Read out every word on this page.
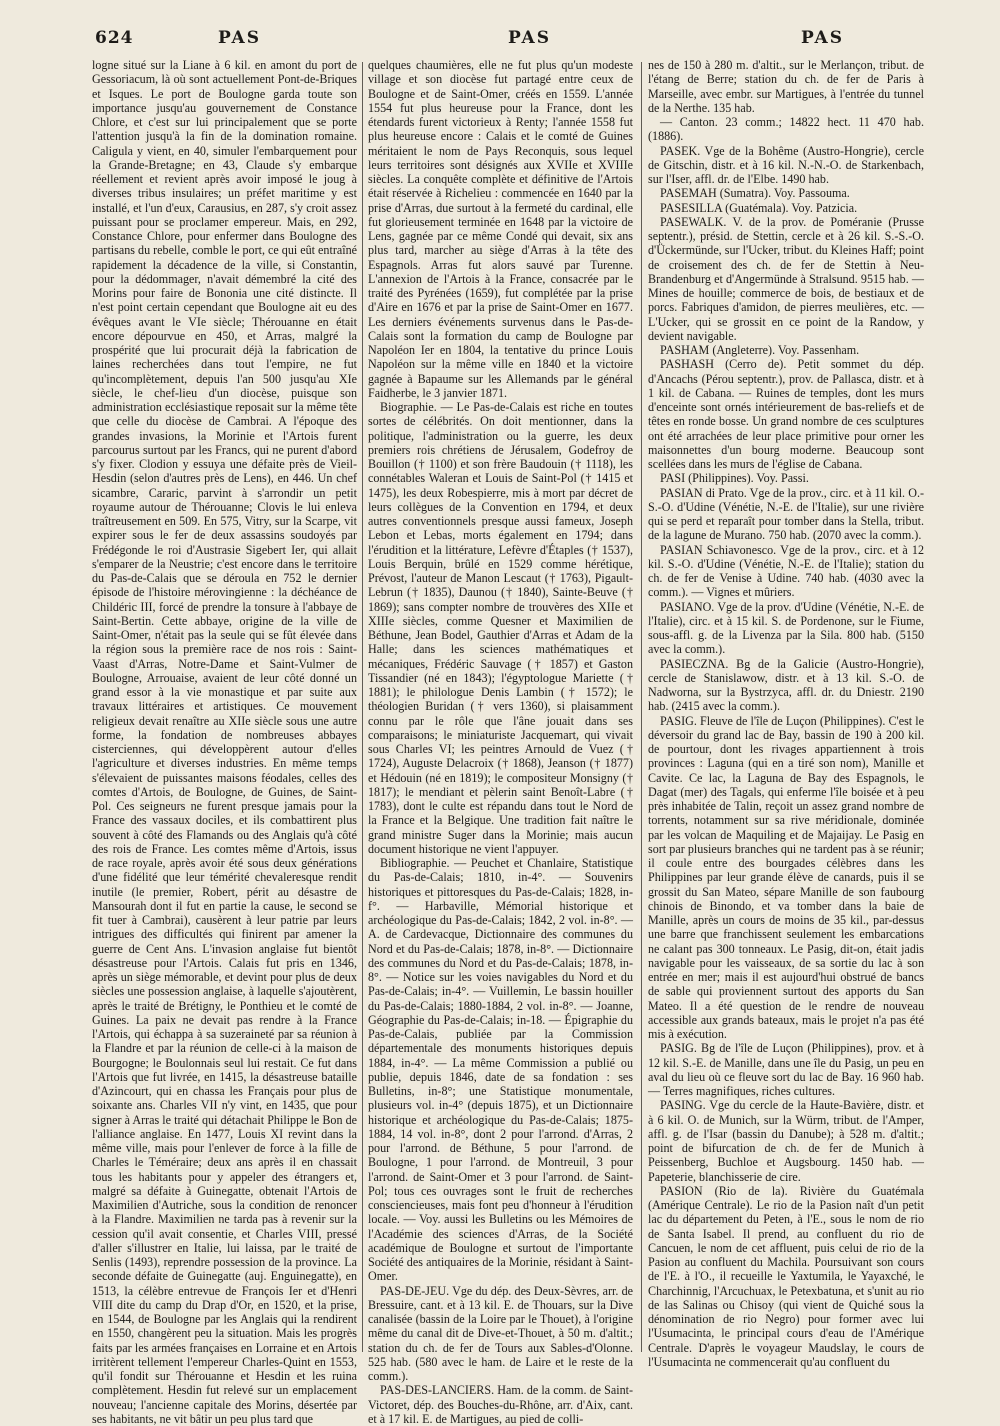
624	PAS	PAS	PAS

logne situé sur la Liane à 6 kil. en amont du port de Gessoriacum, là où sont actuellement Pont-de-Briques et Isques. Le port de Boulogne garda toute son importance jusqu'au gouvernement de Constance Chlore, et c'est sur lui principalement que se porte l'attention jusqu'à la fin de la domination romaine. Caligula y vient, en 40, simuler l'embarquement pour la Grande-Bretagne; en 43, Claude s'y embarque réellement et revient après avoir imposé le joug à diverses tribus insulaires; un préfet maritime y est installé, et l'un d'eux, Carausius, en 287, s'y croit assez puissant pour se proclamer empereur. Mais, en 292, Constance Chlore, pour enfermer dans Boulogne des partisans du rebelle, comble le port, ce qui eût entraîné rapidement la décadence de la ville, si Constantin, pour la dédommager, n'avait démembré la cité des Morins pour faire de Bononia une cité distincte. Il n'est point certain cependant que Boulogne ait eu des évêques avant le VIe siècle; Thérouanne en était encore dépourvue en 450, et Arras, malgré la prospérité que lui procurait déjà la fabrication de laines recherchées dans tout l'empire, ne fut qu'incomplètement, depuis l'an 500 jusqu'au XIe siècle, le chef-lieu d'un diocèse, puisque son administration ecclésiastique reposait sur la même tête que celle du diocèse de Cambrai. A l'époque des grandes invasions, la Morinie et l'Artois furent parcourus surtout par les Francs, qui ne purent d'abord s'y fixer. Clodion y essuya une défaite près de Vieil-Hesdin (selon d'autres près de Lens), en 446. Un chef sicambre, Cararic, parvint à s'arrondir un petit royaume autour de Thérouanne; Clovis le lui enleva traîtreusement en 509. En 575, Vitry, sur la Scarpe, vit expirer sous le fer de deux assassins soudoyés par Frédégonde le roi d'Austrasie Sigebert Ier, qui allait s'emparer de la Neustrie; c'est encore dans le territoire du Pas-de-Calais que se déroula en 752 le dernier épisode de l'histoire mérovingienne : la déchéance de Childéric III, forcé de prendre la tonsure à l'abbaye de Saint-Bertin. Cette abbaye, origine de la ville de Saint-Omer, n'était pas la seule qui se fût élevée dans la région sous la première race de nos rois : Saint-Vaast d'Arras, Notre-Dame et Saint-Vulmer de Boulogne, Arrouaise, avaient de leur côté donné un grand essor à la vie monastique et par suite aux travaux littéraires et artistiques. Ce mouvement religieux devait renaître au XIIe siècle sous une autre forme, la fondation de nombreuses abbayes cisterciennes, qui développèrent autour d'elles l'agriculture et diverses industries. En même temps s'élevaient de puissantes maisons féodales, celles des comtes d'Artois, de Boulogne, de Guines, de Saint-Pol. Ces seigneurs ne furent presque jamais pour la France des vassaux dociles, et ils combattirent plus souvent à côté des Flamands ou des Anglais qu'à côté des rois de France. Les comtes même d'Artois, issus de race royale, après avoir été sous deux générations d'une fidélité que leur témérité chevaleresque rendit inutile (le premier, Robert, périt au désastre de Mansourah dont il fut en partie la cause, le second se fit tuer à Cambrai), causèrent à leur patrie par leurs intrigues des difficultés qui finirent par amener la guerre de Cent Ans. L'invasion anglaise fut bientôt désastreuse pour l'Artois. Calais fut pris en 1346, après un siège mémorable, et devint pour plus de deux siècles une possession anglaise, à laquelle s'ajoutèrent, après le traité de Brétigny, le Ponthieu et le comté de Guines. La paix ne devait pas rendre à la France l'Artois, qui échappa à sa suzeraineté par sa réunion à la Flandre et par la réunion de celle-ci à la maison de Bourgogne; le Boulonnais seul lui restait. Ce fut dans l'Artois que fut livrée, en 1415, la désastreuse bataille d'Azincourt, qui en chassa les Français pour plus de soixante ans. Charles VII n'y vint, en 1435, que pour signer à Arras le traité qui détachait Philippe le Bon de l'alliance anglaise. En 1477, Louis XI revint dans la même ville, mais pour l'enlever de force à la fille de Charles le Téméraire; deux ans après il en chassait tous les habitants pour y appeler des étrangers et, malgré sa défaite à Guinegatte, obtenait l'Artois de Maximilien d'Autriche, sous la condition de renoncer à la Flandre. Maximilien ne tarda pas à revenir sur la cession qu'il avait consentie, et Charles VIII, pressé d'aller s'illustrer en Italie, lui laissa, par le traité de Senlis (1493), reprendre possession de la province. La seconde défaite de Guinegatte (auj. Enguinegatte), en 1513, la célèbre entrevue de François Ier et d'Henri VIII dite du camp du Drap d'Or, en 1520, et la prise, en 1544, de Boulogne par les Anglais qui la rendirent en 1550, changèrent peu la situation. Mais les progrès faits par les armées françaises en Lorraine et en Artois irritèrent tellement l'empereur Charles-Quint en 1553, qu'il fondit sur Thérouanne et Hesdin et les ruina complètement. Hesdin fut relevé sur un emplacement nouveau; l'ancienne capitale des Morins, désertée par ses habitants, ne vit bâtir un peu plus tard que

quelques chaumières, elle ne fut plus qu'un modeste village et son diocèse fut partagé entre ceux de Boulogne et de Saint-Omer, créés en 1559. L'année 1554 fut plus heureuse pour la France, dont les étendards furent victorieux à Renty; l'année 1558 fut plus heureuse encore : Calais et le comté de Guines méritaient le nom de Pays Reconquis, sous lequel leurs territoires sont désignés aux XVIIe et XVIIIe siècles. La conquête complète et définitive de l'Artois était réservée à Richelieu : commencée en 1640 par la prise d'Arras, due surtout à la fermeté du cardinal, elle fut glorieusement terminée en 1648 par la victoire de Lens, gagnée par ce même Condé qui devait, six ans plus tard, marcher au siège d'Arras à la tête des Espagnols. Arras fut alors sauvé par Turenne. L'annexion de l'Artois à la France, consacrée par le traité des Pyrénées (1659), fut complétée par la prise d'Aire en 1676 et par la prise de Saint-Omer en 1677. Les derniers événements survenus dans le Pas-de-Calais sont la formation du camp de Boulogne par Napoléon Ier en 1804, la tentative du prince Louis Napoléon sur la même ville en 1840 et la victoire gagnée à Bapaume sur les Allemands par le général Faidherbe, le 3 janvier 1871.

Biographie. — Le Pas-de-Calais est riche en toutes sortes de célébrités. On doit mentionner, dans la politique, l'administration ou la guerre, les deux premiers rois chrétiens de Jérusalem, Godefroy de Bouillon († 1100) et son frère Baudouin († 1118), les connétables Waleran et Louis de Saint-Pol († 1415 et 1475), les deux Robespierre, mis à mort par décret de leurs collègues de la Convention en 1794, et deux autres conventionnels presque aussi fameux, Joseph Lebon et Lebas, morts également en 1794; dans l'érudition et la littérature, Lefèvre d'Étaples († 1537), Louis Berquin, brûlé en 1529 comme hérétique, Prévost, l'auteur de Manon Lescaut († 1763), Pigault-Lebrun († 1835), Daunou († 1840), Sainte-Beuve († 1869); sans compter nombre de trouvères des XIIe et XIIIe siècles, comme Quesner et Maximilien de Béthune, Jean Bodel, Gauthier d'Arras et Adam de la Halle; dans les sciences mathématiques et mécaniques, Frédéric Sauvage († 1857) et Gaston Tissandier (né en 1843); l'égyptologue Mariette († 1881); le philologue Denis Lambin († 1572); le théologien Buridan († vers 1360), si plaisamment connu par le rôle que l'âne jouait dans ses comparaisons; le miniaturiste Jacquemart, qui vivait sous Charles VI; les peintres Arnould de Vuez († 1724), Auguste Delacroix († 1868), Jeanson († 1877) et Hédouin (né en 1819); le compositeur Monsigny († 1817); le mendiant et pèlerin saint Benoît-Labre († 1783), dont le culte est répandu dans tout le Nord de la France et la Belgique. Une tradition fait naître le grand ministre Suger dans la Morinie; mais aucun document historique ne vient l'appuyer.

Bibliographie. — Peuchet et Chanlaire, Statistique du Pas-de-Calais; 1810, in-4°. — Souvenirs historiques et pittoresques du Pas-de-Calais; 1828, in-f°. — Harbaville, Mémorial historique et archéologique du Pas-de-Calais; 1842, 2 vol. in-8°. — A. de Cardevacque, Dictionnaire des communes du Nord et du Pas-de-Calais; 1878, in-8°. — Dictionnaire des communes du Nord et du Pas-de-Calais; 1878, in-8°. — Notice sur les voies navigables du Nord et du Pas-de-Calais; in-4°. — Vuillemin, Le bassin houiller du Pas-de-Calais; 1880-1884, 2 vol. in-8°. — Joanne, Géographie du Pas-de-Calais; in-18. — Épigraphie du Pas-de-Calais, publiée par la Commission départementale des monuments historiques depuis 1884, in-4°. — La même Commission a publié ou publie, depuis 1846, date de sa fondation : ses Bulletins, in-8°; une Statistique monumentale, plusieurs vol. in-4° (depuis 1875), et un Dictionnaire historique et archéologique du Pas-de-Calais; 1875-1884, 14 vol. in-8°, dont 2 pour l'arrond. d'Arras, 2 pour l'arrond. de Béthune, 5 pour l'arrond. de Boulogne, 1 pour l'arrond. de Montreuil, 3 pour l'arrond. de Saint-Omer et 3 pour l'arrond. de Saint-Pol; tous ces ouvrages sont le fruit de recherches consciencieuses, mais font peu d'honneur à l'érudition locale. — Voy. aussi les Bulletins ou les Mémoires de l'Académie des sciences d'Arras, de la Société académique de Boulogne et surtout de l'importante Société des antiquaires de la Morinie, résidant à Saint-Omer.

PAS-DE-JEU. Vge du dép. des Deux-Sèvres, arr. de Bressuire, cant. et à 13 kil. E. de Thouars, sur la Dive canalisée (bassin de la Loire par le Thouet), à l'origine même du canal dit de Dive-et-Thouet, à 50 m. d'altit.; station du ch. de fer de Tours aux Sables-d'Olonne. 525 hab. (580 avec le ham. de Laire et le reste de la comm.).

PAS-DES-LANCIERS. Ham. de la comm. de Saint-Victoret, dép. des Bouches-du-Rhône, arr. d'Aix, cant. et à 17 kil. E. de Martigues, au pied de colli-

nes de 150 à 280 m. d'altit., sur le Merlançon, tribut. de l'étang de Berre; station du ch. de fer de Paris à Marseille, avec embr. sur Martigues, à l'entrée du tunnel de la Nerthe. 135 hab.

— Canton. 23 comm.; 14822 hect. 11 470 hab. (1886).

PASEK. Vge de la Bohême (Austro-Hongrie), cercle de Gitschin, distr. et à 16 kil. N.-N.-O. de Starkenbach, sur l'Iser, affl. dr. de l'Elbe. 1490 hab.

PASEMAH (Sumatra). Voy. Passoumа.

PASESILLA (Guatémala). Voy. Patzicia.

PASEWALK. V. de la prov. de Poméranie (Prusse septentr.), présid. de Stettin, cercle et à 26 kil. S.-S.-O. d'Ückermünde, sur l'Ucker, tribut. du Kleines Haff; point de croisement des ch. de fer de Stettin à Neu-Brandenburg et d'Angermünde à Stralsund. 9515 hab. — Mines de houille; commerce de bois, de bestiaux et de porcs. Fabriques d'amidon, de pierres meulières, etc. — L'Ucker, qui se grossit en ce point de la Randow, y devient navigable.

PASHAM (Angleterre). Voy. Passenham.

PASHASH (Cerro de). Petit sommet du dép. d'Ancachs (Pérou septentr.), prov. de Pallasca, distr. et à 1 kil. de Cabana. — Ruines de temples, dont les murs d'enceinte sont ornés intérieurement de bas-reliefs et de têtes en ronde bosse. Un grand nombre de ces sculptures ont été arrachées de leur place primitive pour orner les maisonnettes d'un bourg moderne. Beaucoup sont scellées dans les murs de l'église de Cabana.

PASI (Philippines). Voy. Passi.

PASIAN di Prato. Vge de la prov., circ. et à 11 kil. O.-S.-O. d'Udine (Vénétie, N.-E. de l'Italie), sur une rivière qui se perd et reparaît pour tomber dans la Stella, tribut. de la lagune de Murano. 750 hab. (2070 avec la comm.).

PASIAN Schiavonesco. Vge de la prov., circ. et à 12 kil. S.-O. d'Udine (Vénétie, N.-E. de l'Italie); station du ch. de fer de Venise à Udine. 740 hab. (4030 avec la comm.). — Vignes et mûriers.

PASIANO. Vge de la prov. d'Udine (Vénétie, N.-E. de l'Italie), circ. et à 15 kil. S. de Pordenone, sur le Fiume, sous-affl. g. de la Livenza par la Sila. 800 hab. (5150 avec la comm.).

PASIECZNA. Bg de la Galicie (Austro-Hongrie), cercle de Stanislawow, distr. et à 13 kil. S.-O. de Nadworna, sur la Bystrzyca, affl. dr. du Dniestr. 2190 hab. (2415 avec la comm.).

PASIG. Fleuve de l'île de Luçon (Philippines). C'est le déversoir du grand lac de Bay, bassin de 190 à 200 kil. de pourtour, dont les rivages appartiennent à trois provinces : Laguna (qui en a tiré son nom), Manille et Cavite. Ce lac, la Laguna de Bay des Espagnols, le Dagat (mer) des Tagals, qui enferme l'île boisée et à peu près inhabitée de Talin, reçoit un assez grand nombre de torrents, notamment sur sa rive méridionale, dominée par les volcan de Maquiling et de Majaijay. Le Pasig en sort par plusieurs branches qui ne tardent pas à se réunir; il coule entre des bourgades célèbres dans les Philippines par leur grande élève de canards, puis il se grossit du San Mateo, sépare Manille de son faubourg chinois de Binondo, et va tomber dans la baie de Manille, après un cours de moins de 35 kil., par-dessus une barre que franchissent seulement les embarcations ne calant pas 300 tonneaux. Le Pasig, dit-on, était jadis navigable pour les vaisseaux, de sa sortie du lac à son entrée en mer; mais il est aujourd'hui obstrué de bancs de sable qui proviennent surtout des apports du San Mateo. Il a été question de le rendre de nouveau accessible aux grands bateaux, mais le projet n'a pas été mis à exécution.

PASIG. Bg de l'île de Luçon (Philippines), prov. et à 12 kil. S.-E. de Manille, dans une île du Pasig, un peu en aval du lieu où ce fleuve sort du lac de Bay. 16 960 hab. — Terres magnifiques, riches cultures.

PASING. Vge du cercle de la Haute-Bavière, distr. et à 6 kil. O. de Munich, sur la Würm, tribut. de l'Amper, affl. g. de l'Isar (bassin du Danube); à 528 m. d'altit.; point de bifurcation de ch. de fer de Munich à Peissenberg, Buchloe et Augsbourg. 1450 hab. — Papeterie, blanchisserie de cire.

PASION (Rio de la). Rivière du Guatémala (Amérique Centrale). Le rio de la Pasion naît d'un petit lac du département du Peten, à l'E., sous le nom de rio de Santa Isabel. Il prend, au confluent du rio de Cancuen, le nom de cet affluent, puis celui de rio de la Pasion au confluent du Machila. Poursuivant son cours de l'E. à l'O., il recueille le Yaxtumila, le Yayaxché, le Charchinnig, l'Arcuchuax, le Petexbatuna, et s'unit au rio de las Salinas ou Chisoy (qui vient de Quiché sous la dénomination de rio Negro) pour former avec lui l'Usumacinta, le principal cours d'eau de l'Amérique Centrale. D'après le voyageur Maudslay, le cours de l'Usumacinta ne commencerait qu'au confluent du
